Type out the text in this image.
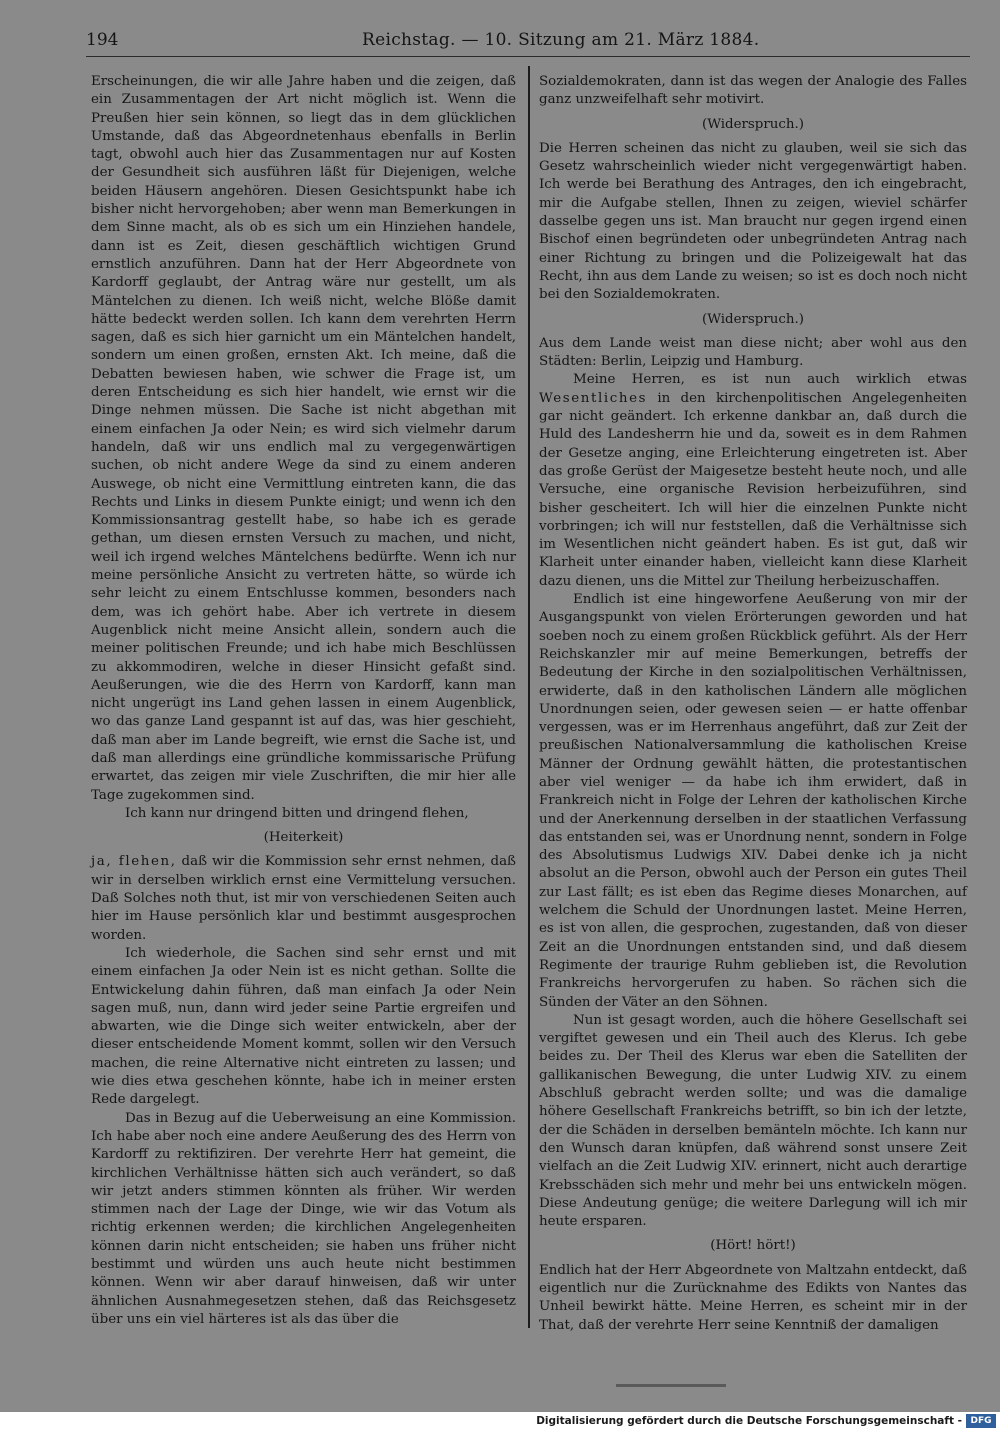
194	Reichstag. — 10. Sitzung am 21. März 1884.

Erscheinungen, die wir alle Jahre haben und die zeigen, daß ein Zusammentagen der Art nicht möglich ist. Wenn die Preußen hier sein können, so liegt das in dem glücklichen Umstande, daß das Abgeordnetenhaus ebenfalls in Berlin tagt, obwohl auch hier das Zusammentagen nur auf Kosten der Gesundheit sich ausführen läßt für Diejenigen, welche beiden Häusern angehören. Diesen Gesichtspunkt habe ich bisher nicht hervorgehoben; aber wenn man Bemerkungen in dem Sinne macht, als ob es sich um ein Hinziehen handele, dann ist es Zeit, diesen geschäftlich wichtigen Grund ernstlich anzuführen. Dann hat der Herr Abgeordnete von Kardorff geglaubt, der Antrag wäre nur gestellt, um als Mäntelchen zu dienen. Ich weiß nicht, welche Blöße damit hätte bedeckt werden sollen. Ich kann dem verehrten Herrn sagen, daß es sich hier garnicht um ein Mäntelchen handelt, sondern um einen großen, ernsten Akt. Ich meine, daß die Debatten bewiesen haben, wie schwer die Frage ist, um deren Entscheidung es sich hier handelt, wie ernst wir die Dinge nehmen müssen. Die Sache ist nicht abgethan mit einem einfachen Ja oder Nein; es wird sich vielmehr darum handeln, daß wir uns endlich mal zu vergegenwärtigen suchen, ob nicht andere Wege da sind zu einem anderen Auswege, ob nicht eine Vermittlung eintreten kann, die das Rechts und Links in diesem Punkte einigt; und wenn ich den Kommissionsantrag gestellt habe, so habe ich es gerade gethan, um diesen ernsten Versuch zu machen, und nicht, weil ich irgend welches Mäntelchens bedürfte. Wenn ich nur meine persönliche Ansicht zu vertreten hätte, so würde ich sehr leicht zu einem Entschlusse kommen, besonders nach dem, was ich gehört habe. Aber ich vertrete in diesem Augenblick nicht meine Ansicht allein, sondern auch die meiner politischen Freunde; und ich habe mich Beschlüssen zu akkommodiren, welche in dieser Hinsicht gefaßt sind. Aeußerungen, wie die des Herrn von Kardorff, kann man nicht ungerügt ins Land gehen lassen in einem Augenblick, wo das ganze Land gespannt ist auf das, was hier geschieht, daß man aber im Lande begreift, wie ernst die Sache ist, und daß man allerdings eine gründliche kommissarische Prüfung erwartet, das zeigen mir viele Zuschriften, die mir hier alle Tage zugekommen sind.

Ich kann nur dringend bitten und dringend flehen,

(Heiterkeit)

ja, flehen, daß wir die Kommission sehr ernst nehmen, daß wir in derselben wirklich ernst eine Vermittelung versuchen. Daß Solches noth thut, ist mir von verschiedenen Seiten auch hier im Hause persönlich klar und bestimmt ausgesprochen worden.

Ich wiederhole, die Sachen sind sehr ernst und mit einem einfachen Ja oder Nein ist es nicht gethan. Sollte die Entwickelung dahin führen, daß man einfach Ja oder Nein sagen muß, nun, dann wird jeder seine Partie ergreifen und abwarten, wie die Dinge sich weiter entwickeln, aber der dieser entscheidende Moment kommt, sollen wir den Versuch machen, die reine Alternative nicht eintreten zu lassen; und wie dies etwa geschehen könnte, habe ich in meiner ersten Rede dargelegt.

Das in Bezug auf die Ueberweisung an eine Kommission. Ich habe aber noch eine andere Aeußerung des des Herrn von Kardorff zu rektifiziren. Der verehrte Herr hat gemeint, die kirchlichen Verhältnisse hätten sich auch verändert, so daß wir jetzt anders stimmen könnten als früher. Wir werden stimmen nach der Lage der Dinge, wie wir das Votum als richtig erkennen werden; die kirchlichen Angelegenheiten können darin nicht entscheiden; sie haben uns früher nicht bestimmt und würden uns auch heute nicht bestimmen können. Wenn wir aber darauf hinweisen, daß wir unter ähnlichen Ausnahmegesetzen stehen, daß das Reichsgesetz über uns ein viel härteres ist als das über die

Sozialdemokraten, dann ist das wegen der Analogie des Falles ganz unzweifelhaft sehr motivirt.

(Widerspruch.)

Die Herren scheinen das nicht zu glauben, weil sie sich das Gesetz wahrscheinlich wieder nicht vergegenwärtigt haben. Ich werde bei Berathung des Antrages, den ich eingebracht, mir die Aufgabe stellen, Ihnen zu zeigen, wieviel schärfer dasselbe gegen uns ist. Man braucht nur gegen irgend einen Bischof einen begründeten oder unbegründeten Antrag nach einer Richtung zu bringen und die Polizeigewalt hat das Recht, ihn aus dem Lande zu weisen; so ist es doch noch nicht bei den Sozialdemokraten.

(Widerspruch.)

Aus dem Lande weist man diese nicht; aber wohl aus den Städten: Berlin, Leipzig und Hamburg.

Meine Herren, es ist nun auch wirklich etwas Wesentliches in den kirchenpolitischen Angelegenheiten gar nicht geändert. Ich erkenne dankbar an, daß durch die Huld des Landesherrn hie und da, soweit es in dem Rahmen der Gesetze anging, eine Erleichterung eingetreten ist. Aber das große Gerüst der Maigesetze besteht heute noch, und alle Versuche, eine organische Revision herbeizuführen, sind bisher gescheitert. Ich will hier die einzelnen Punkte nicht vorbringen; ich will nur feststellen, daß die Verhältnisse sich im Wesentlichen nicht geändert haben. Es ist gut, daß wir Klarheit unter einander haben, vielleicht kann diese Klarheit dazu dienen, uns die Mittel zur Theilung herbeizuschaffen.

Endlich ist eine hingeworfene Aeußerung von mir der Ausgangspunkt von vielen Erörterungen geworden und hat soeben noch zu einem großen Rückblick geführt. Als der Herr Reichskanzler mir auf meine Bemerkungen, betreffs der Bedeutung der Kirche in den sozialpolitischen Verhältnissen, erwiderte, daß in den katholischen Ländern alle möglichen Unordnungen seien, oder gewesen seien — er hatte offenbar vergessen, was er im Herrenhaus angeführt, daß zur Zeit der preußischen Nationalversammlung die katholischen Kreise Männer der Ordnung gewählt hätten, die protestantischen aber viel weniger — da habe ich ihm erwidert, daß in Frankreich nicht in Folge der Lehren der katholischen Kirche und der Anerkennung derselben in der staatlichen Verfassung das entstanden sei, was er Unordnung nennt, sondern in Folge des Absolutismus Ludwigs XIV. Dabei denke ich ja nicht absolut an die Person, obwohl auch der Person ein gutes Theil zur Last fällt; es ist eben das Regime dieses Monarchen, auf welchem die Schuld der Unordnungen lastet. Meine Herren, es ist von allen, die gesprochen, zugestanden, daß von dieser Zeit an die Unordnungen entstanden sind, und daß diesem Regimente der traurige Ruhm geblieben ist, die Revolution Frankreichs hervorgerufen zu haben. So rächen sich die Sünden der Väter an den Söhnen.

Nun ist gesagt worden, auch die höhere Gesellschaft sei vergiftet gewesen und ein Theil auch des Klerus. Ich gebe beides zu. Der Theil des Klerus war eben die Satelliten der gallikanischen Bewegung, die unter Ludwig XIV. zu einem Abschluß gebracht werden sollte; und was die damalige höhere Gesellschaft Frankreichs betrifft, so bin ich der letzte, der die Schäden in derselben bemänteln möchte. Ich kann nur den Wunsch daran knüpfen, daß während sonst unsere Zeit vielfach an die Zeit Ludwig XIV. erinnert, nicht auch derartige Krebsschäden sich mehr und mehr bei uns entwickeln mögen. Diese Andeutung genüge; die weitere Darlegung will ich mir heute ersparen.

(Hört! hört!)

Endlich hat der Herr Abgeordnete von Maltzahn entdeckt, daß eigentlich nur die Zurücknahme des Edikts von Nantes das Unheil bewirkt hätte. Meine Herren, es scheint mir in der That, daß der verehrte Herr seine Kenntniß der damaligen

Digitalisierung gefördert durch die Deutsche Forschungsgemeinschaft - DFG
